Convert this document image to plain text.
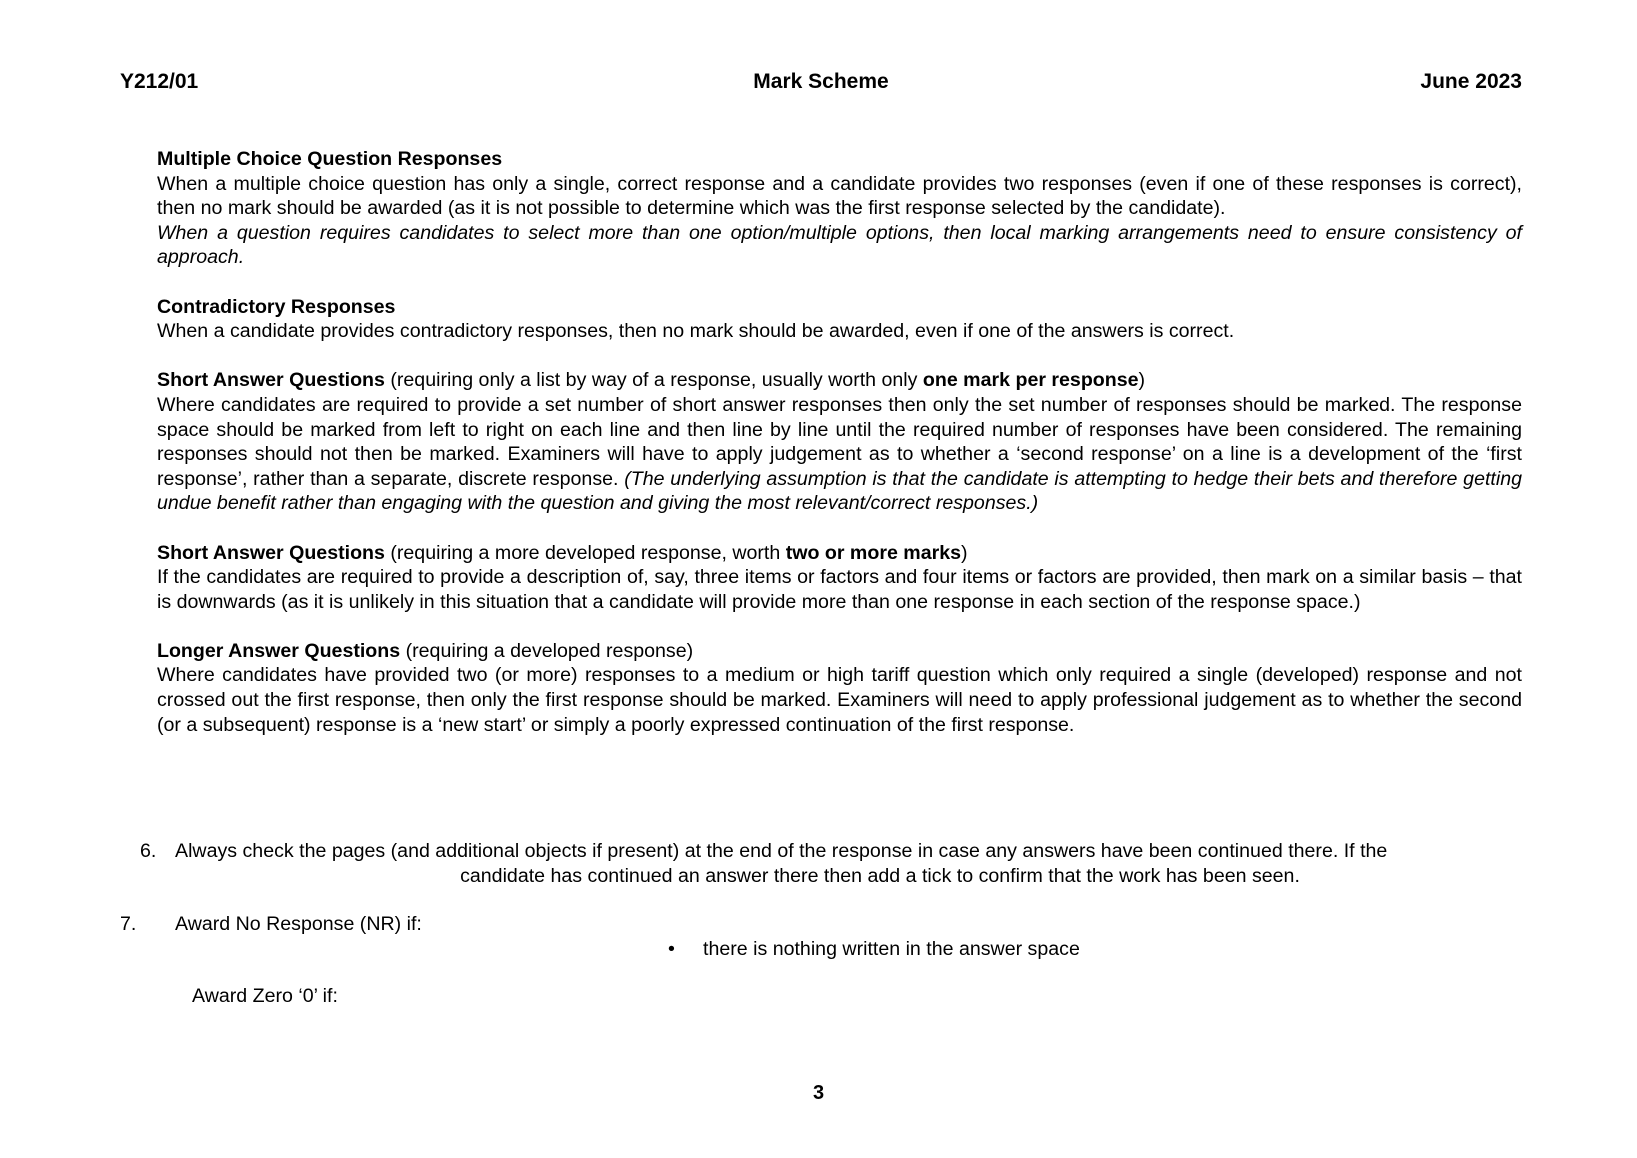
Y212/01	Mark Scheme	June 2023

Multiple Choice Question Responses

When a multiple choice question has only a single, correct response and a candidate provides two responses (even if one of these responses is correct), then no mark should be awarded (as it is not possible to determine which was the first response selected by the candidate).

When a question requires candidates to select more than one option/multiple options, then local marking arrangements need to ensure consistency of approach.

Contradictory Responses

When a candidate provides contradictory responses, then no mark should be awarded, even if one of the answers is correct.

Short Answer Questions (requiring only a list by way of a response, usually worth only one mark per response)

Where candidates are required to provide a set number of short answer responses then only the set number of responses should be marked. The response space should be marked from left to right on each line and then line by line until the required number of responses have been considered. The remaining responses should not then be marked. Examiners will have to apply judgement as to whether a ‘second response’ on a line is a development of the ‘first response’, rather than a separate, discrete response. (The underlying assumption is that the candidate is attempting to hedge their bets and therefore getting undue benefit rather than engaging with the question and giving the most relevant/correct responses.)

Short Answer Questions (requiring a more developed response, worth two or more marks)

If the candidates are required to provide a description of, say, three items or factors and four items or factors are provided, then mark on a similar basis – that is downwards (as it is unlikely in this situation that a candidate will provide more than one response in each section of the response space.)

Longer Answer Questions (requiring a developed response)

Where candidates have provided two (or more) responses to a medium or high tariff question which only required a single (developed) response and not crossed out the first response, then only the first response should be marked. Examiners will need to apply professional judgement as to whether the second (or a subsequent) response is a ‘new start’ or simply a poorly expressed continuation of the first response.

6. Always check the pages (and additional objects if present) at the end of the response in case any answers have been continued there. If the
candidate has continued an answer there then add a tick to confirm that the work has been seen.
7. Award No Response (NR) if:
• there is nothing written in the answer space
Award Zero ‘0’ if:
3
